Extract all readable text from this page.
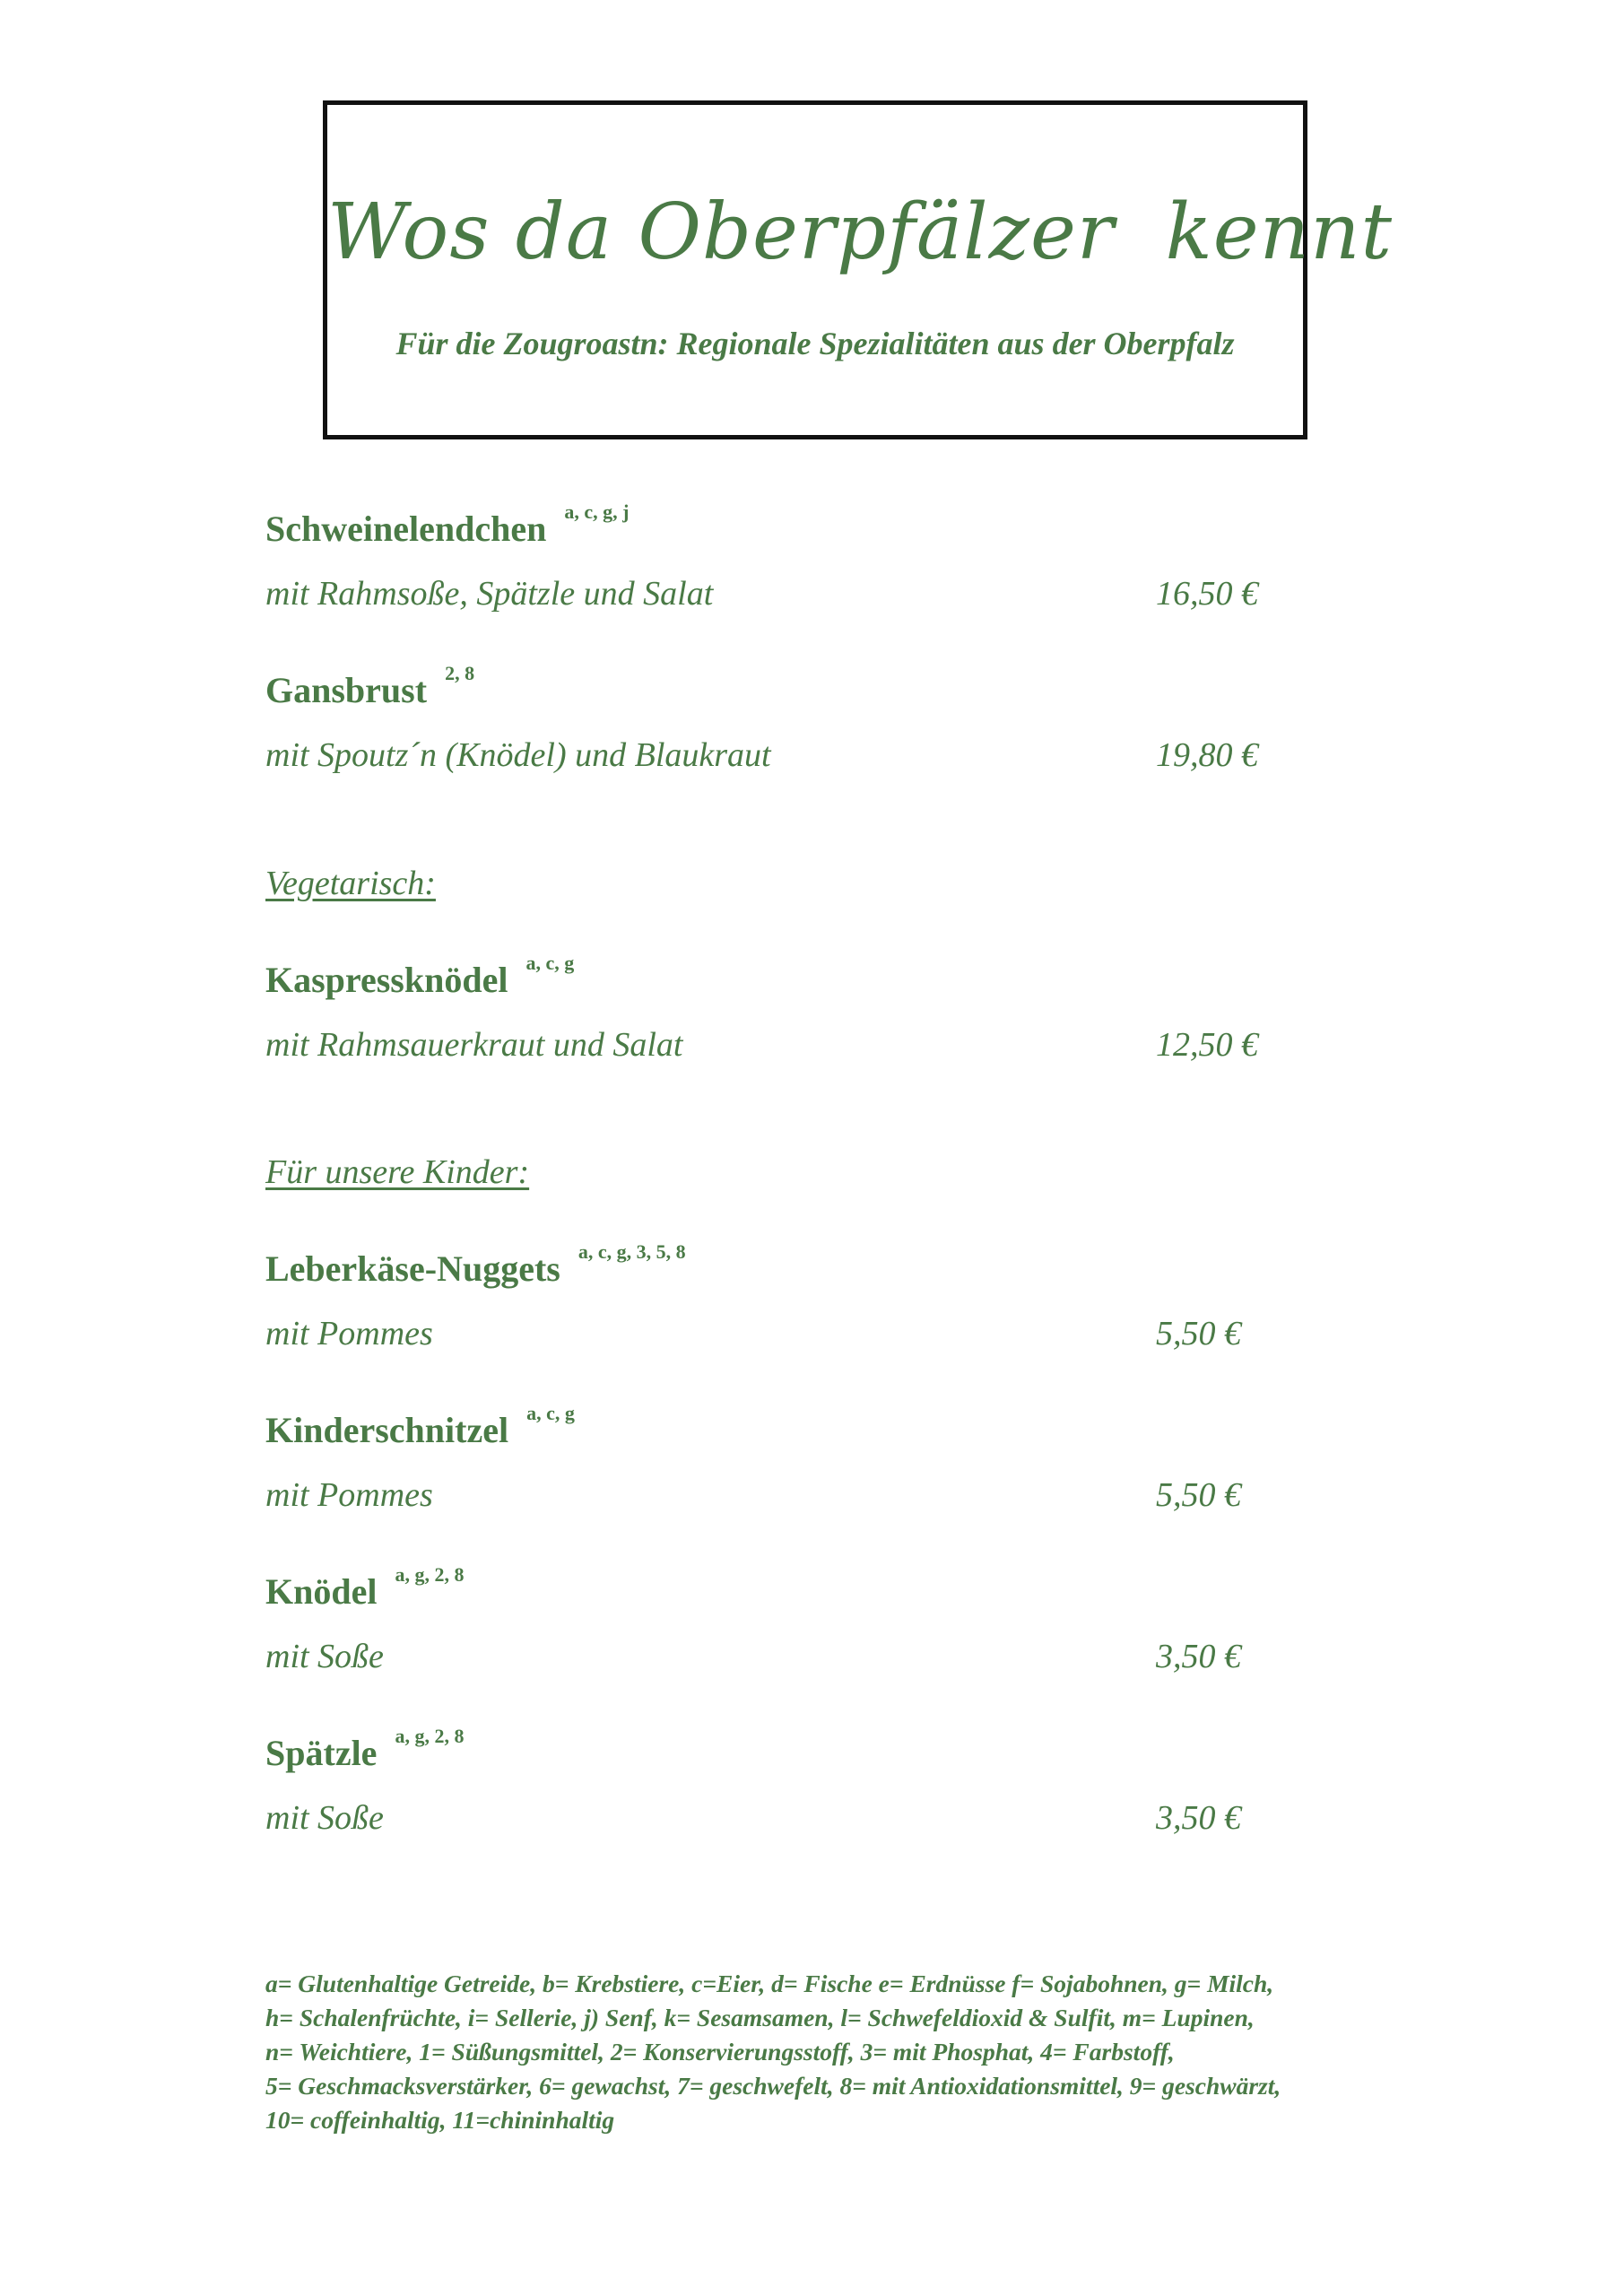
Wos da Oberpfälzer  kennt
Für die Zougroastn: Regionale Spezialitäten aus der Oberpfalz
Schweinelendchen $^{a, c, g, j}$
mit Rahmsoße, Spätzle und Salat	16,50 €
Gansbrust $^{2, 8}$
mit Spoutz´n (Knödel) und Blaukraut	19,80 €
Vegetarisch:
Kaspressknödel $^{a, c, g}$
mit Rahmsauerkraut und Salat	12,50 €
Für unsere Kinder:
Leberkäse-Nuggets $^{a, c, g, 3, 5, 8}$
mit Pommes	5,50 €
Kinderschnitzel $^{a, c, g}$
mit Pommes	5,50 €
Knödel $^{a, g, 2, 8}$
mit Soße	3,50 €
Spätzle $^{a, g, 2, 8}$
mit Soße	3,50 €
a= Glutenhaltige Getreide, b= Krebstiere, c=Eier, d= Fische e= Erdnüsse f= Sojabohnen, g= Milch,
h= Schalenfrüchte, i= Sellerie, j) Senf, k= Sesamsamen, l= Schwefeldioxid & Sulfit, m= Lupinen,
n= Weichtiere, 1= Süßungsmittel, 2= Konservierungsstoff, 3= mit Phosphat, 4= Farbstoff,
5= Geschmacksverstärker, 6= gewachst, 7= geschwefelt, 8= mit Antioxidationsmittel, 9= geschwärzt,
10= coffeinhaltig, 11=chininhaltig
